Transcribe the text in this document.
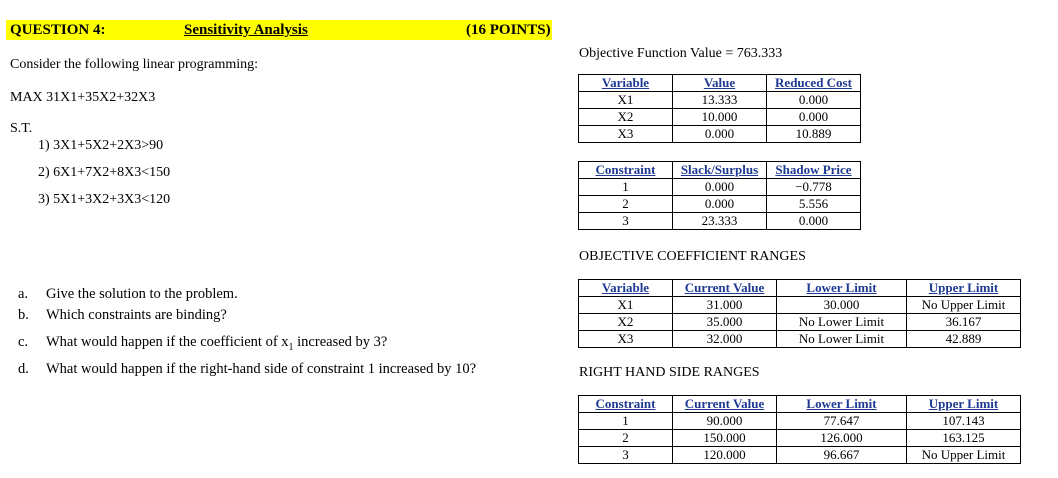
QUESTION 4:	Sensitivity Analysis	(16 POINTS)
Consider the following linear programming:
MAX 31X1+35X2+32X3
S.T.
1) 3X1+5X2+2X3>90
2) 6X1+7X2+8X3<150
3) 5X1+3X2+3X3<120
a. Give the solution to the problem.
b. Which constraints are binding?
c. What would happen if the coefficient of $x_1$ increased by 3?
d. What would happen if the right-hand side of constraint 1 increased by 10?
Objective Function Value = 763.333
Variable	Value	Reduced Cost
X1	13.333	0.000
X2	10.000	0.000
X3	0.000	10.889
Constraint	Slack/Surplus	Shadow Price
1	0.000	−0.778
2	0.000	5.556
3	23.333	0.000
OBJECTIVE COEFFICIENT RANGES
Variable	Current Value	Lower Limit	Upper Limit
X1	31.000	30.000	No Upper Limit
X2	35.000	No Lower Limit	36.167
X3	32.000	No Lower Limit	42.889
RIGHT HAND SIDE RANGES
Constraint	Current Value	Lower Limit	Upper Limit
1	90.000	77.647	107.143
2	150.000	126.000	163.125
3	120.000	96.667	No Upper Limit
